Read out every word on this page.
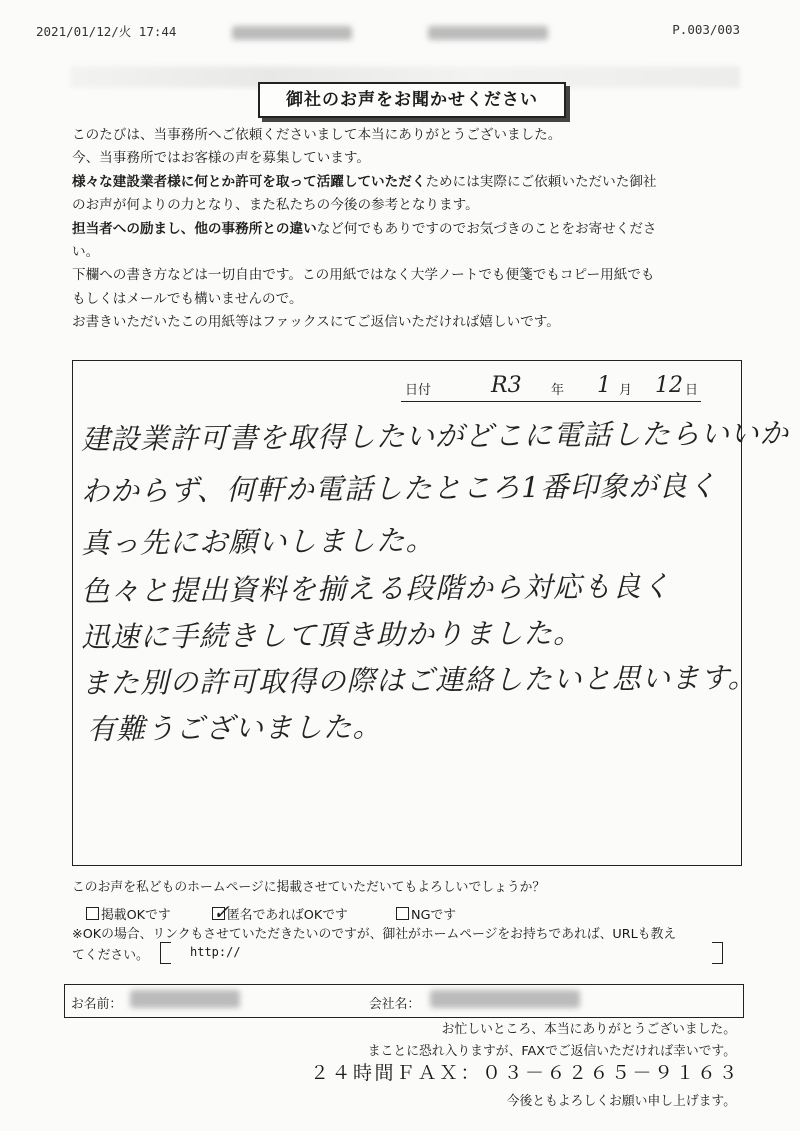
2021/01/12/火 17:44	P.003/003
御社のお声をお聞かせください

このたびは、当事務所へご依頼くださいまして本当にありがとうございました。

今、当事務所ではお客様の声を募集しています。

様々な建設業者様に何とか許可を取って活躍していただくためには実際にご依頼いただいた御社

のお声が何よりの力となり、また私たちの今後の参考となります。

担当者への励まし、他の事務所との違いなど何でもありですのでお気づきのことをお寄せくださ

い。

下欄への書き方などは一切自由です。この用紙ではなく大学ノートでも便箋でもコピー用紙でも

もしくはメールでも構いませんので。

お書きいただいたこの用紙等はファックスにてご返信いただければ嬉しいです。

日付	R3 年 1 月 12 日
建設業許可書を取得したいがどこに電話したらいいか
わからず、何軒か電話したところ1番印象が良く
真っ先にお願いしました。
色々と提出資料を揃える段階から対応も良く
迅速に手続きして頂き助かりました。
また別の許可取得の際はご連絡したいと思います。
有難うございました。
このお声を私どものホームページに掲載させていただいてもよろしいでしょうか？
掲載OKです ✓
匿名であればOKです	NGです

※OKの場合、リンクもさせていただきたいのですが、御社がホームページをお持ちであれば、URLも教え

てください。	http://
お名前：	会社名：
お忙しいところ、本当にありがとうございました。
まことに恐れ入りますが、FAXでご返信いただければ幸いです。
２４時間ＦＡＸ：０３－６２６５－９１６３
今後ともよろしくお願い申し上げます。
